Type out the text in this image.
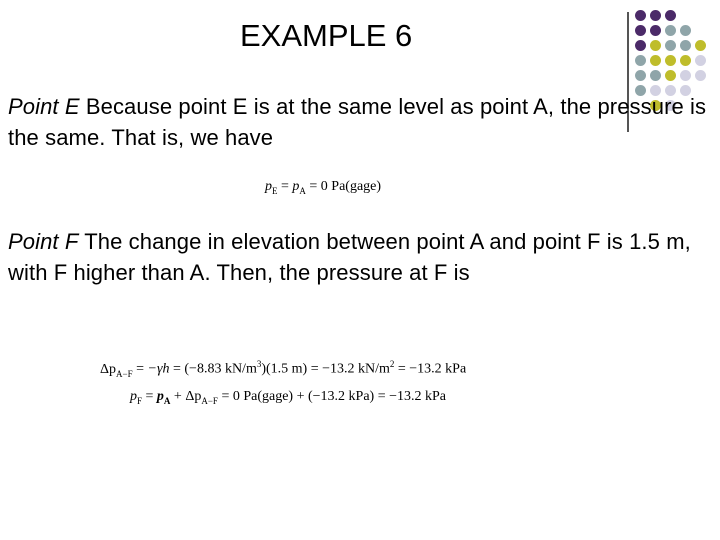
EXAMPLE 6
Point E Because point E is at the same level as point A, the pressure is the same. That is, we have
$p_E = p_A = 0$ Pa(gage)
Point F The change in elevation between point A and point F is 1.5 m, with F higher than A. Then, the pressure at F is
$\Delta p_{A-F} = -\gamma h = (-8.83$ $kN/m^3)(1.5$ m) = −13.2 $kN/m^2 = -13.2$ kPa
$p_F = p_A + \Delta p_{A-F} = 0$ Pa(gage) + (−13.2 kPa) = −13.2 kPa
